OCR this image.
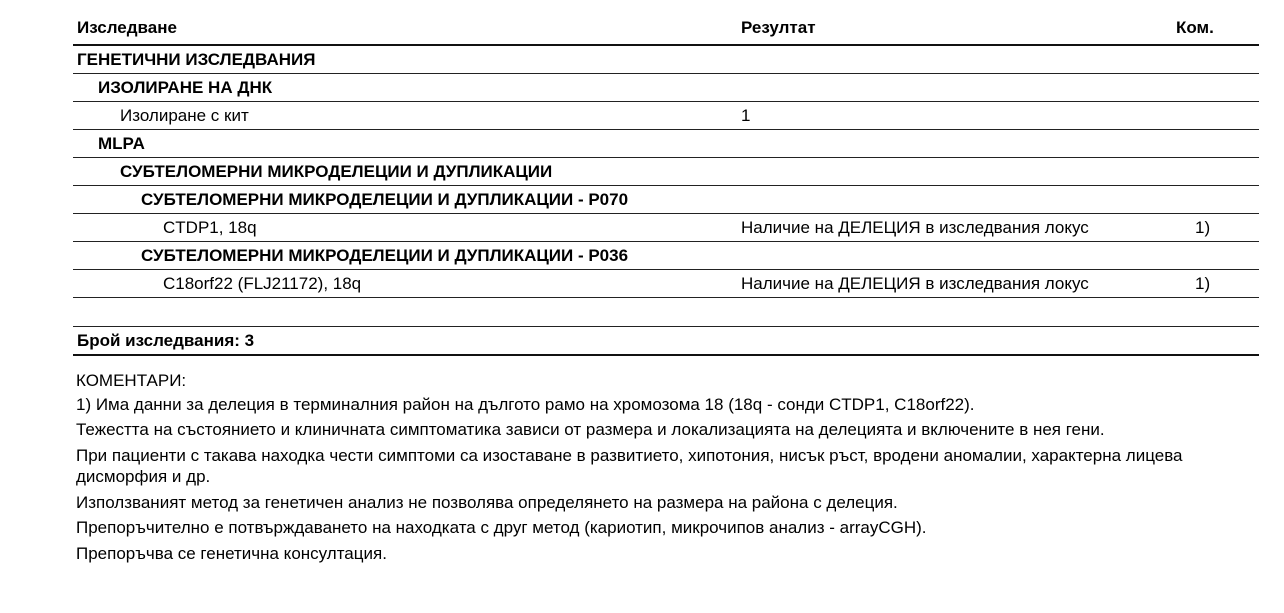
Изследване	Резултат	Ком.
ГЕНЕТИЧНИ ИЗСЛЕДВАНИЯ
ИЗОЛИРАНЕ НА ДНК
Изолиране с кит	1
MLPA
СУБТЕЛОМЕРНИ МИКРОДЕЛЕЦИИ И ДУПЛИКАЦИИ
СУБТЕЛОМЕРНИ МИКРОДЕЛЕЦИИ И ДУПЛИКАЦИИ - Р070
CTDP1, 18q	Наличие на ДЕЛЕЦИЯ в изследвания локус	1)
СУБТЕЛОМЕРНИ МИКРОДЕЛЕЦИИ И ДУПЛИКАЦИИ - Р036
C18orf22 (FLJ21172), 18q	Наличие на ДЕЛЕЦИЯ в изследвания локус	1)
Брой изследвания: 3

КОМЕНТАРИ:

1) Има данни за делеция в терминалния район на дългото рамо на хромозома 18 (18q - сонди CTDP1, C18orf22).

Тежестта на състоянието и клиничната симптоматика зависи от размера и локализацията на делецията и включените в нея гени.

При пациенти с такава находка чести симптоми са изоставане в развитието, хипотония, нисък ръст, вродени аномалии, характерна лицева дисморфия и др.

Използваният метод за генетичен анализ не позволява определянето на размера на района с делеция.

Препоръчително е потвърждаването на находката с друг метод (кариотип, микрочипов анализ - arrayCGH).

Препоръчва се генетична консултация.
